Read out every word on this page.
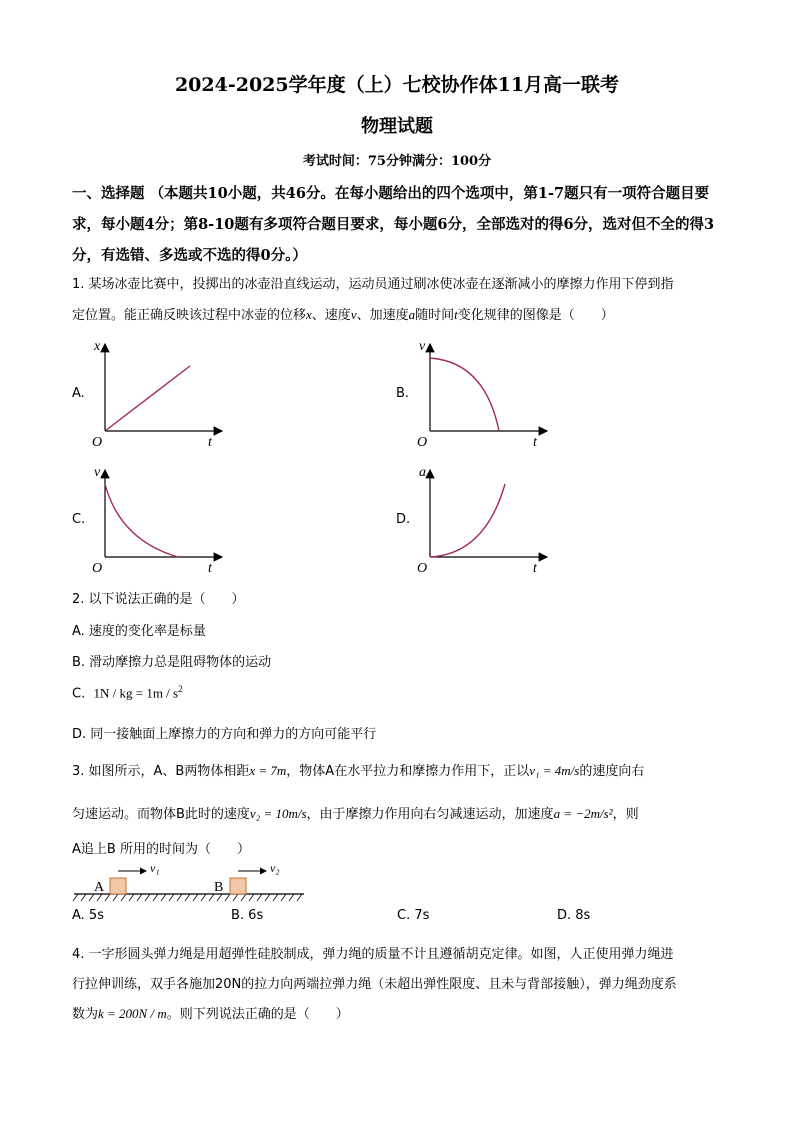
2024-2025学年度（上）七校协作体11月高一联考
物理试题
考试时间：75分钟满分：100分
一、选择题 （本题共10小题，共46分。在每小题给出的四个选项中，第1-7题只有一项符合题目要求，每小题4分；第8-10题有多项符合题目要求，每小题6分，全部选对的得6分，选对但不全的得3分，有选错、多选或不选的得0分。）
1. 某场冰壶比赛中，投掷出的冰壶沿直线运动，运动员通过刷冰使冰壶在逐渐减小的摩擦力作用下停到指
定位置。能正确反映该过程中冰壶的位移x、速度v、加速度a随时间t变化规律的图像是（　　）
A.
x
t
O
B.
v
t
O
C.
v
t
O
D.
a
t
O
2. 以下说法正确的是（　　）
A. 速度的变化率是标量
B. 滑动摩擦力总是阻碍物体的运动
C. 1N / kg = $1m / s^2$
D. 同一接触面上摩擦力的方向和弹力的方向可能平行
3. 如图所示，A、B两物体相距x = 7m，物体A在水平拉力和摩擦力作用下，正以v₁ = 4m/s的速度向右
匀速运动。而物体B此时的速度v₂ = 10m/s，由于摩擦力作用向右匀减速运动，加速度a = −2m/s²，则
A追上B 所用的时间为（　　）
A	B
v₁	v₂
A. 5s	B. 6s	C. 7s	D. 8s
4. 一字形圆头弹力绳是用超弹性硅胶制成，弹力绳的质量不计且遵循胡克定律。如图，人正使用弹力绳进
行拉伸训练，双手各施加20N的拉力向两端拉弹力绳（未超出弹性限度、且未与背部接触），弹力绳劲度系
数为k = 200N / m。则下列说法正确的是（　　）
